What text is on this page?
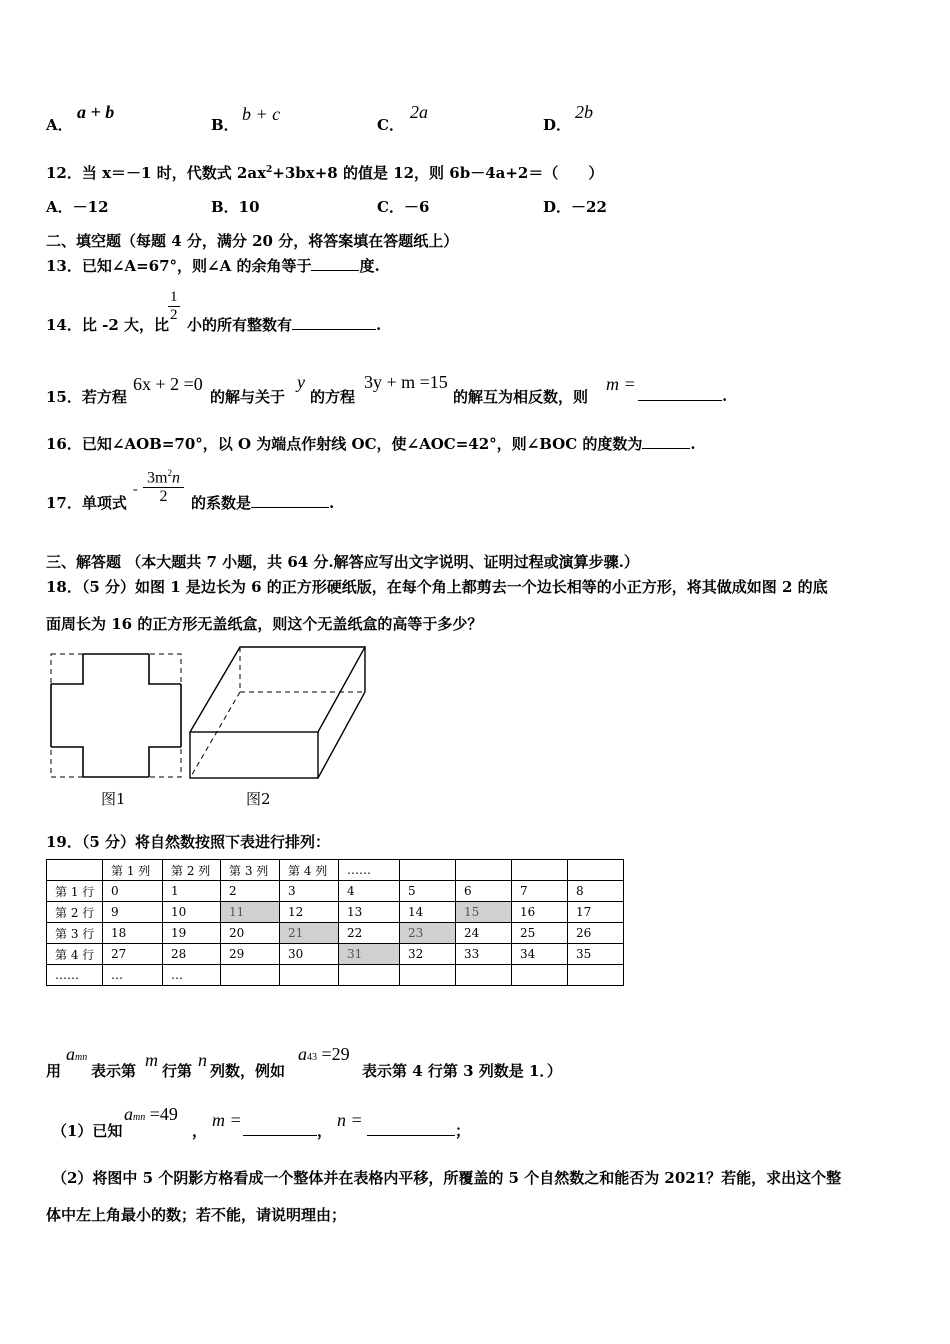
A．
a + b
B．
b + c
C．
2a
D．
2b
12．当 x＝－1 时，代数式 $2ax^2+3bx+8$ 的值是 12，则 6b－4a+2＝（　　）
A．－12	B．10	C．－6	D．－22
二、填空题（每题 4 分，满分 20 分，将答案填在答题纸上）
13．已知∠A=67°，则∠A 的余角等于	度.
14．比 -2 大，比
$\frac{1}{2}$
小的所有整数有	.
15．若方程
6x + 2 =0
的解与关于
y
的方程
3y + m =15
的解互为相反数，则
m =
.
16．已知∠AOB=70°，以 O 为端点作射线 OC，使∠AOC=42°，则∠BOC 的度数为	.
17．单项式
- $\frac{3m^2n}{2}$ 的系数是	.
三、解答题 （本大题共 7 小题，共 64 分.解答应写出文字说明、证明过程或演算步骤.）
18．（5 分）如图 1 是边长为 6 的正方形硬纸版，在每个角上都剪去一个边长相等的小正方形，将其做成如图 2 的底
面周长为 16 的正方形无盖纸盒，则这个无盖纸盒的高等于多少？
图1	图2
19．（5 分）将自然数按照下表进行排列：
	第 1 列	第 2 列	第 3 列	第 4 列	……				
第 1 行	0	1	2	3	4	5	6	7	8
第 2 行	9	10	11	12	13	14	15	16	17
第 3 行	18	19	20	21	22	23	24	25	26
第 4 行	27	28	29	30	31	32	33	34	35
……	…	…							
用
amn
表示第
m
行第
n
列数，例如
a43 =29
表示第 4 行第 3 列数是 1．）
（1）已知
amn =49
，
m =
，
n =
；
（2）将图中 5 个阴影方格看成一个整体并在表格内平移，所覆盖的 5 个自然数之和能否为 2021？若能，求出这个整
体中左上角最小的数；若不能，请说明理由；
